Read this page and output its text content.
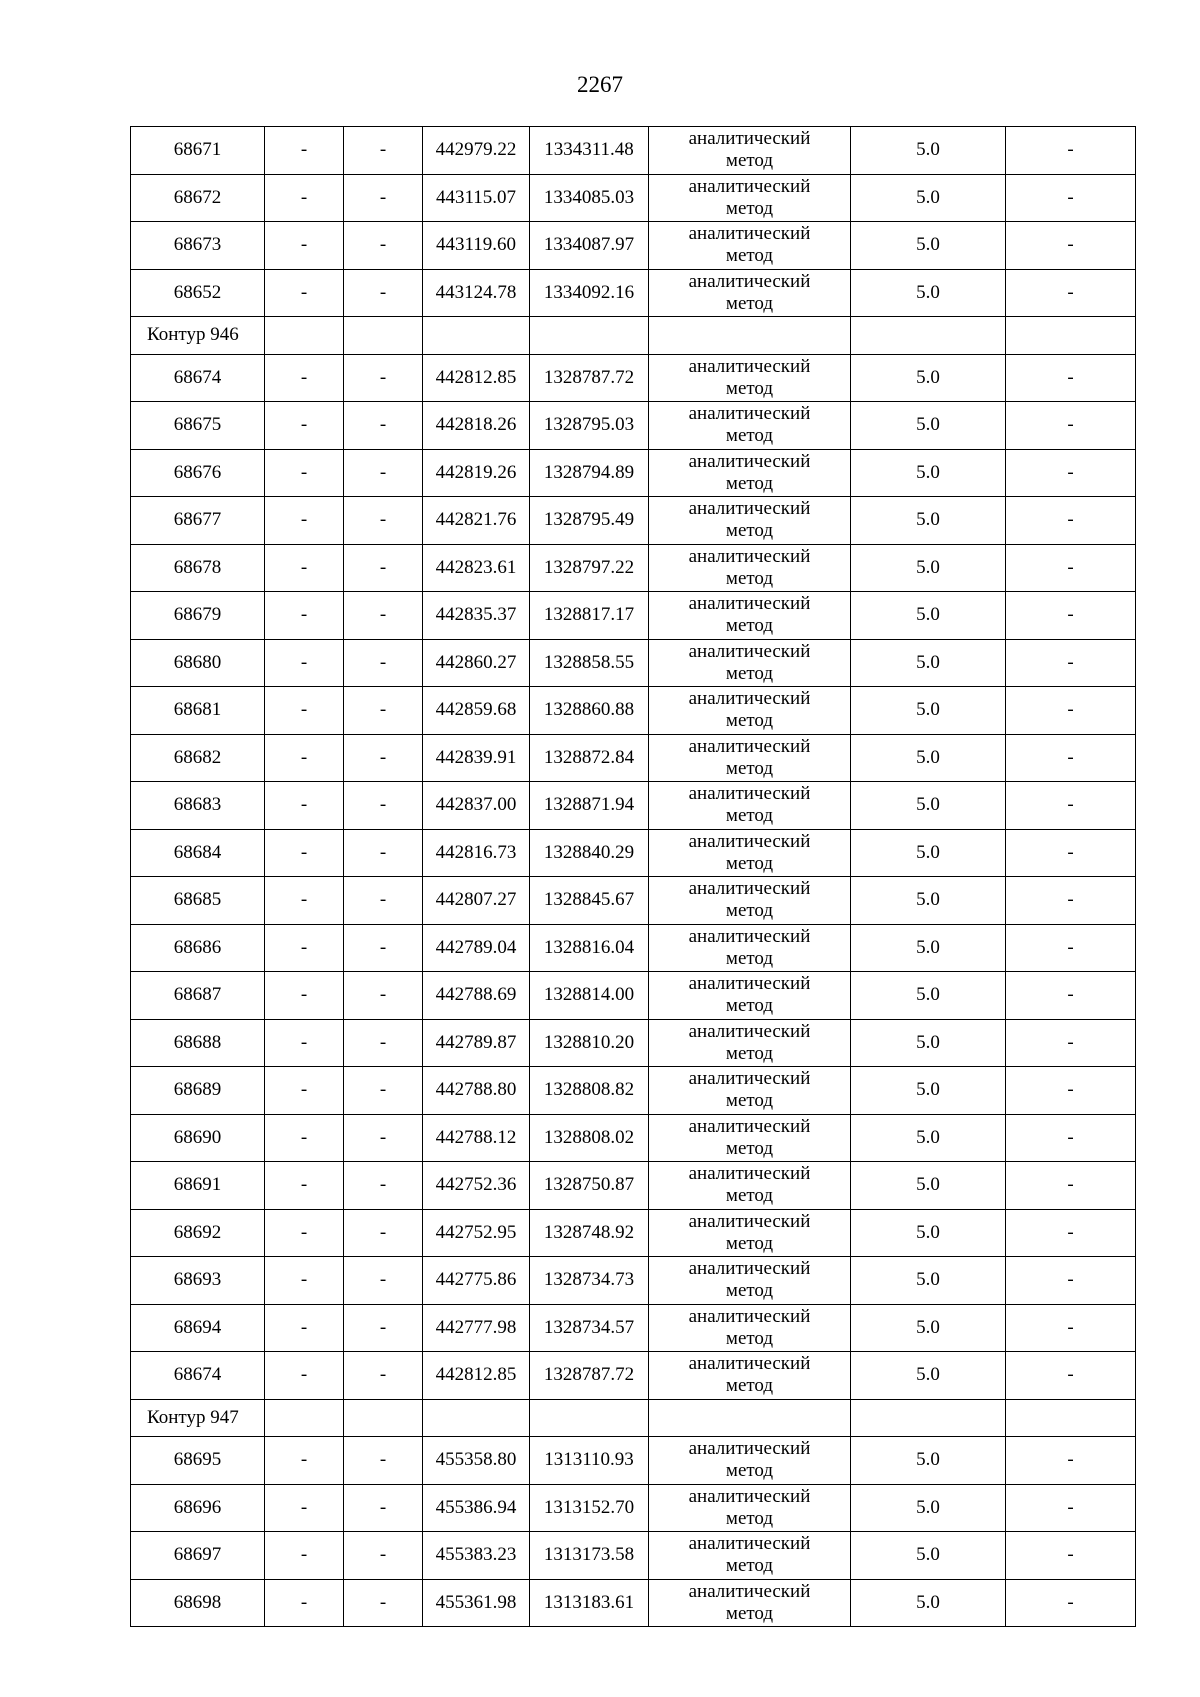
2267
68671	-	-	442979.22	1334311.48	аналитический
метод	5.0	-
68672	-	-	443115.07	1334085.03	аналитический
метод	5.0	-
68673	-	-	443119.60	1334087.97	аналитический
метод	5.0	-
68652	-	-	443124.78	1334092.16	аналитический
метод	5.0	-
Контур 946							
68674	-	-	442812.85	1328787.72	аналитический
метод	5.0	-
68675	-	-	442818.26	1328795.03	аналитический
метод	5.0	-
68676	-	-	442819.26	1328794.89	аналитический
метод	5.0	-
68677	-	-	442821.76	1328795.49	аналитический
метод	5.0	-
68678	-	-	442823.61	1328797.22	аналитический
метод	5.0	-
68679	-	-	442835.37	1328817.17	аналитический
метод	5.0	-
68680	-	-	442860.27	1328858.55	аналитический
метод	5.0	-
68681	-	-	442859.68	1328860.88	аналитический
метод	5.0	-
68682	-	-	442839.91	1328872.84	аналитический
метод	5.0	-
68683	-	-	442837.00	1328871.94	аналитический
метод	5.0	-
68684	-	-	442816.73	1328840.29	аналитический
метод	5.0	-
68685	-	-	442807.27	1328845.67	аналитический
метод	5.0	-
68686	-	-	442789.04	1328816.04	аналитический
метод	5.0	-
68687	-	-	442788.69	1328814.00	аналитический
метод	5.0	-
68688	-	-	442789.87	1328810.20	аналитический
метод	5.0	-
68689	-	-	442788.80	1328808.82	аналитический
метод	5.0	-
68690	-	-	442788.12	1328808.02	аналитический
метод	5.0	-
68691	-	-	442752.36	1328750.87	аналитический
метод	5.0	-
68692	-	-	442752.95	1328748.92	аналитический
метод	5.0	-
68693	-	-	442775.86	1328734.73	аналитический
метод	5.0	-
68694	-	-	442777.98	1328734.57	аналитический
метод	5.0	-
68674	-	-	442812.85	1328787.72	аналитический
метод	5.0	-
Контур 947							
68695	-	-	455358.80	1313110.93	аналитический
метод	5.0	-
68696	-	-	455386.94	1313152.70	аналитический
метод	5.0	-
68697	-	-	455383.23	1313173.58	аналитический
метод	5.0	-
68698	-	-	455361.98	1313183.61	аналитический
метод	5.0	-
